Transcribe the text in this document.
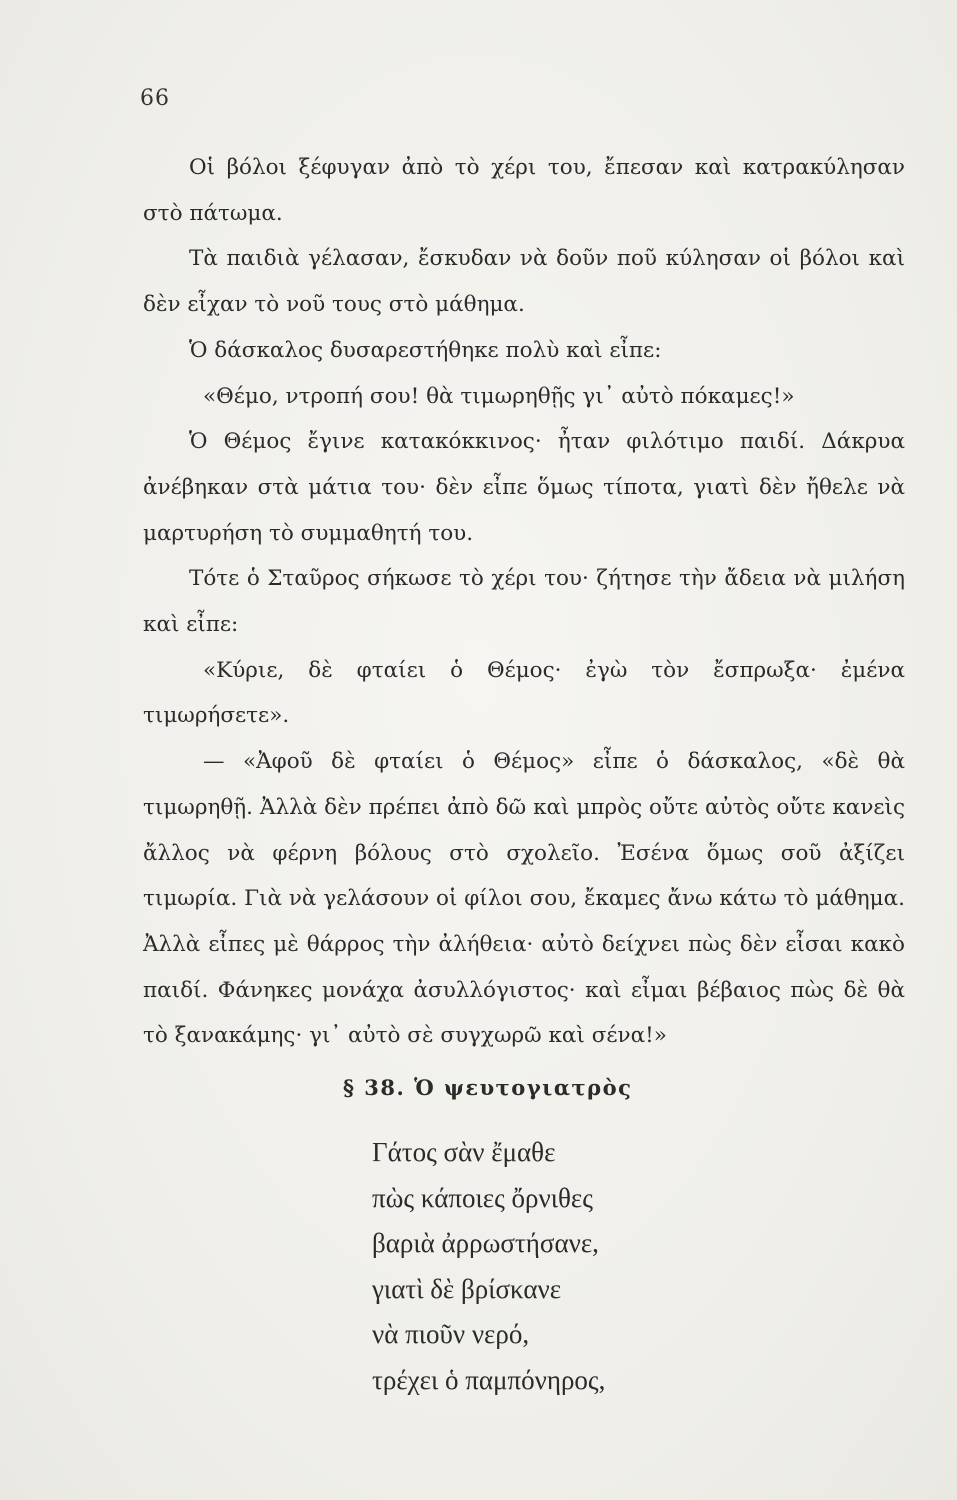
66

Οἱ βόλοι ξέφυγαν ἀπὸ τὸ χέρι του, ἔπεσαν καὶ κατρακύλησαν στὸ πάτωμα.

Τὰ παιδιὰ γέλασαν, ἔσκυδαν νὰ δοῦν ποῦ κύλησαν οἱ βόλοι καὶ δὲν εἶχαν τὸ νοῦ τους στὸ μάθημα.

Ὁ δάσκαλος δυσαρεστήθηκε πολὺ καὶ εἶπε:

«Θέμο, ντροπή σου! θὰ τιμωρηθῇς γι᾽ αὐτὸ πόκαμες!»

Ὁ Θέμος ἔγινε κατακόκκινος· ἦταν φιλότιμο παιδί. Δάκρυα ἀνέβηκαν στὰ μάτια του· δὲν εἶπε ὅμως τίποτα, γιατὶ δὲν ἤθελε νὰ μαρτυρήση τὸ συμμαθητή του.

Τότε ὁ Σταῦρος σήκωσε τὸ χέρι του· ζήτησε τὴν ἄδεια νὰ μιλήση καὶ εἶπε:

«Κύριε, δὲ φταίει ὁ Θέμος· ἐγὼ τὸν ἔσπρωξα· ἐμένα τιμωρήσετε».

— «Ἀφοῦ δὲ φταίει ὁ Θέμος» εἶπε ὁ δάσκαλος, «δὲ θὰ τιμωρηθῇ. Ἀλλὰ δὲν πρέπει ἀπὸ δῶ καὶ μπρὸς οὔτε αὐτὸς οὔτε κανεὶς ἄλλος νὰ φέρνη βόλους στὸ σχολεῖο. Ἐσένα ὅμως σοῦ ἀξίζει τιμωρία. Γιὰ νὰ γελάσουν οἱ φίλοι σου, ἔκαμες ἄνω κάτω τὸ μάθημα. Ἀλλὰ εἶπες μὲ θάρρος τὴν ἀλήθεια· αὐτὸ δείχνει πὼς δὲν εἶσαι κακὸ παιδί. Φάνηκες μονάχα ἀσυλλόγιστος· καὶ εἶμαι βέβαιος πὼς δὲ θὰ τὸ ξανακάμης· γι᾽ αὐτὸ σὲ συγχωρῶ καὶ σένα!»

§ 38. Ὁ ψευτογιατρὸς
Γάτος σὰν ἔμαθε
πὼς κάποιες ὄρνιθες
βαριὰ ἀρρωστήσανε,
γιατὶ δὲ βρίσκανε
νὰ πιοῦν νερό,
τρέχει ὁ παμπόνηρος,
